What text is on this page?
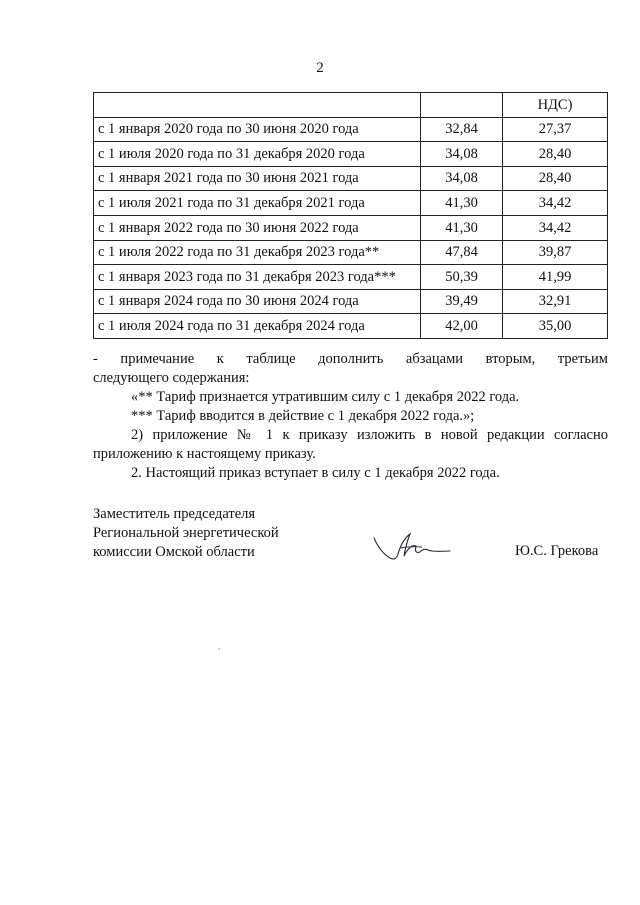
2
		НДС)
с 1 января 2020 года по 30 июня 2020 года	32,84	27,37
с 1 июля 2020 года по 31 декабря 2020 года	34,08	28,40
с 1 января 2021 года по 30 июня 2021 года	34,08	28,40
с 1 июля 2021 года по 31 декабря 2021 года	41,30	34,42
с 1 января 2022 года по 30 июня 2022 года	41,30	34,42
с 1 июля 2022 года по 31 декабря 2023 года**	47,84	39,87
с 1 января 2023 года по 31 декабря 2023 года***	50,39	41,99
с 1 января 2024 года по 30 июня 2024 года	39,49	32,91
с 1 июля 2024 года по 31 декабря 2024 года	42,00	35,00
- примечание к таблице дополнить абзацами вторым, третьим
следующего содержания:
«** Тариф признается утратившим силу с 1 декабря 2022 года.
*** Тариф вводится в действие с 1 декабря 2022 года.»;
2) приложение № 1 к приказу изложить в новой редакции согласно
приложению к настоящему приказу.
2. Настоящий приказ вступает в силу с 1 декабря 2022 года.
Заместитель председателя
Региональной энергетической
комиссии Омской области	Ю.С. Грекова
